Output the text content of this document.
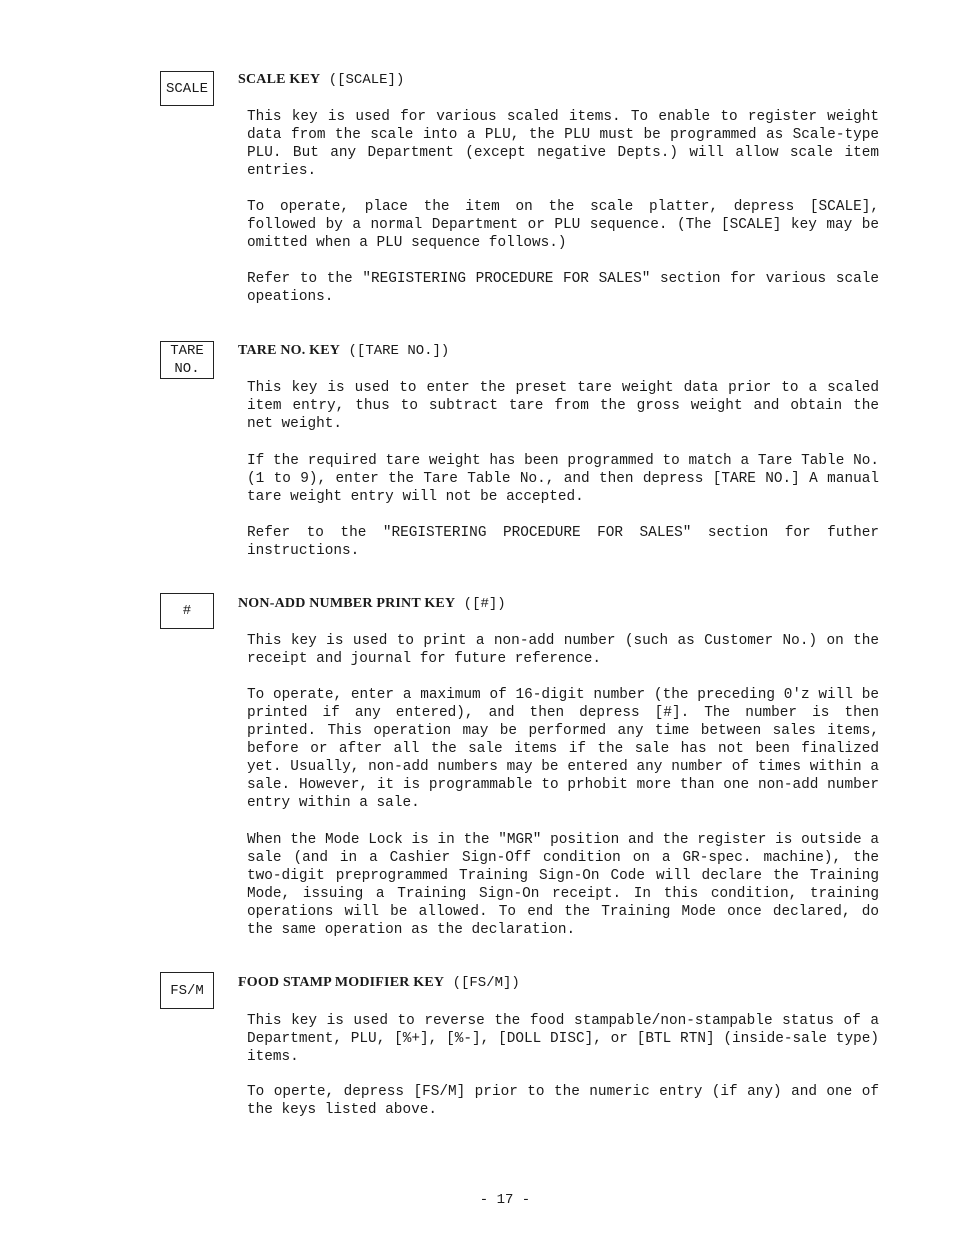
SCALE
SCALE KEY ([SCALE])

This key is used for various scaled items. To enable to register weight data from the scale into a PLU, the PLU must be programmed as Scale-type PLU. But any Department (except negative Depts.) will allow scale item entries.

To operate, place the item on the scale platter, depress [SCALE], followed by a normal Department or PLU sequence. (The [SCALE] key may be omitted when a PLU sequence follows.)

Refer to the "REGISTERING PROCEDURE FOR SALES" section for various scale opeations.

TARE
NO.
TARE NO. KEY ([TARE NO.])

This key is used to enter the preset tare weight data prior to a scaled item entry, thus to subtract tare from the gross weight and obtain the net weight.

If the required tare weight has been programmed to match a Tare Table No. (1 to 9), enter the Tare Table No., and then depress [TARE NO.] A manual tare weight entry will not be accepted.

Refer to the "REGISTERING PROCEDURE FOR SALES" section for futher instructions.

#	NON-ADD NUMBER PRINT KEY ([#])

This key is used to print a non-add number (such as Customer No.) on the receipt and journal for future reference.

To operate, enter a maximum of 16-digit number (the preceding 0'z will be printed if any entered), and then depress [#]. The number is then printed. This operation may be performed any time between sales items, before or after all the sale items if the sale has not been finalized yet. Usually, non-add numbers may be entered any number of times within a sale. However, it is programmable to prhobit more than one non-add number entry within a sale.

When the Mode Lock is in the "MGR" position and the register is outside a sale (and in a Cashier Sign-Off condition on a GR-spec. machine), the two-digit preprogrammed Training Sign-On Code will declare the Training Mode, issuing a Training Sign-On receipt. In this condition, training operations will be allowed. To end the Training Mode once declared, do the same operation as the declaration.

FS/M	FOOD STAMP MODIFIER KEY ([FS/M])

This key is used to reverse the food stampable/non-stampable status of a Department, PLU, [%+], [%-], [DOLL DISC], or [BTL RTN] (inside-sale type) items.

To operte, depress [FS/M] prior to the numeric entry (if any) and one of the keys listed above.

- 17 -
